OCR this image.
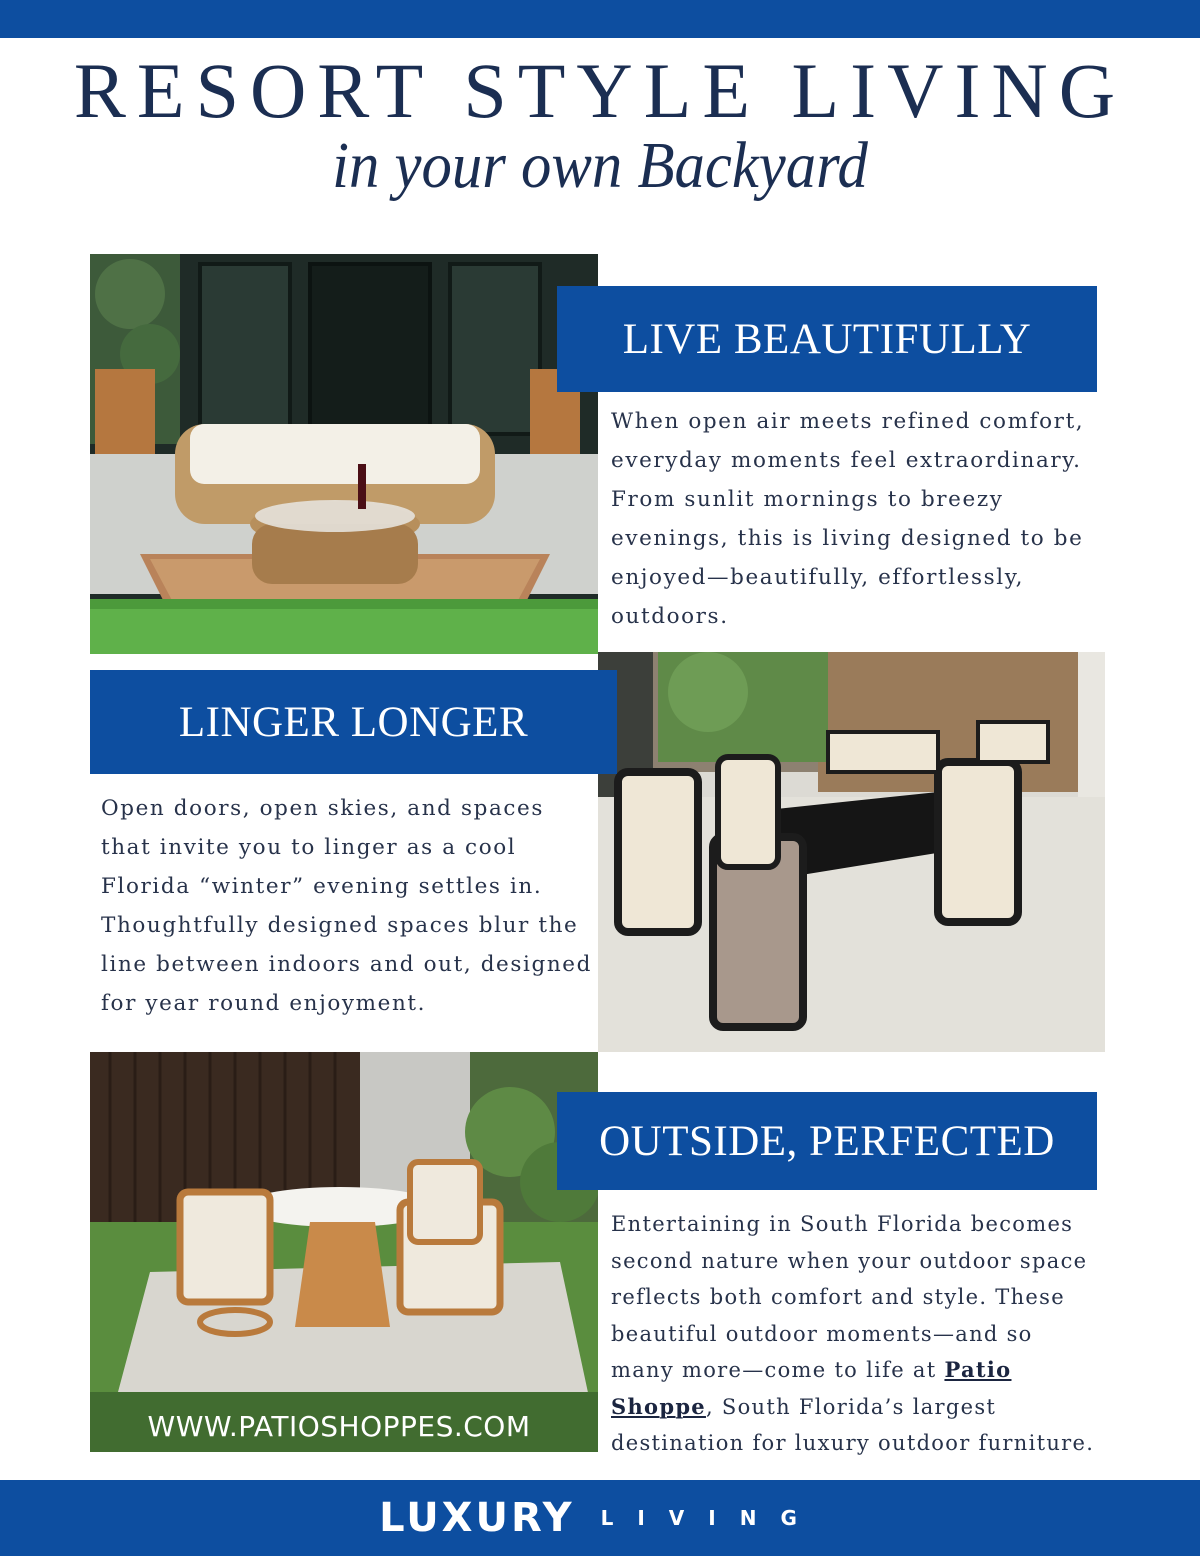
RESORT STYLE LIVING
in your own Backyard
LIVE BEAUTIFULLY
When open air meets refined comfort, everyday moments feel extraordinary. From sunlit mornings to breezy evenings, this is living designed to be enjoyed—beautifully, effortlessly, outdoors.
LINGER LONGER
Open doors, open skies, and spaces that invite you to linger as a cool Florida “winter” evening settles in. Thoughtfully designed spaces blur the line between indoors and out, designed for year round enjoyment.
WWW.PATIOSHOPPES.COM
OUTSIDE, PERFECTED
Entertaining in South Florida becomes second nature when your outdoor space reflects both comfort and style. These beautiful outdoor moments—and so many more—come to life at Patio Shoppe, South Florida’s largest destination for luxury outdoor furniture.
LUXURY LIVING
